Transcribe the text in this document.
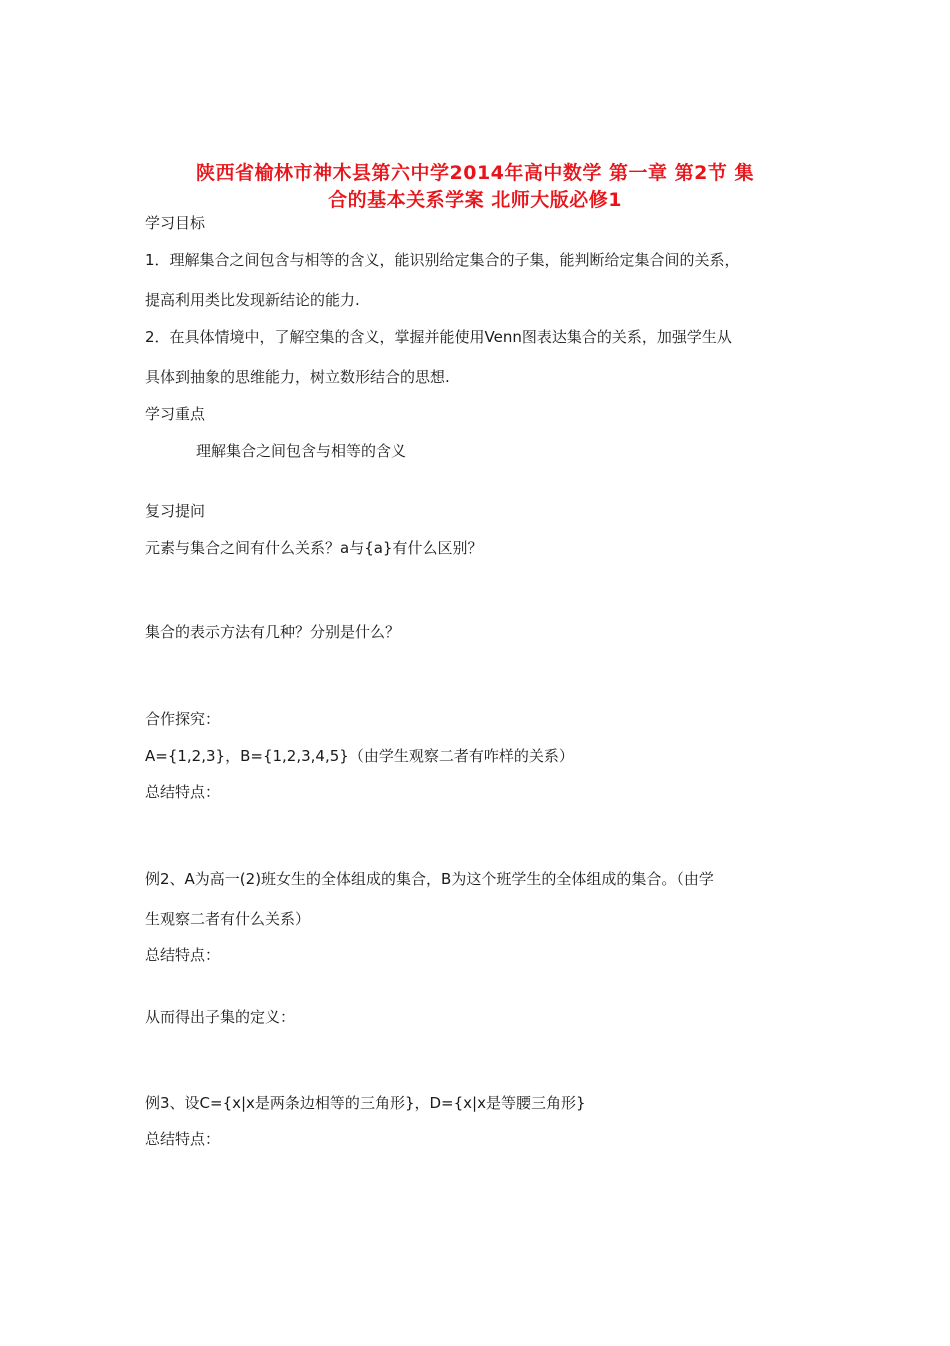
陕西省榆林市神木县第六中学2014年高中数学 第一章 第2节 集
合的基本关系学案 北师大版必修1
学习目标
1．理解集合之间包含与相等的含义，能识别给定集合的子集，能判断给定集合间的关系，
提高利用类比发现新结论的能力.
2．在具体情境中，了解空集的含义，掌握并能使用Venn图表达集合的关系，加强学生从
具体到抽象的思维能力，树立数形结合的思想.
学习重点
理解集合之间包含与相等的含义
复习提问
元素与集合之间有什么关系？a与{a}有什么区别？
集合的表示方法有几种？分别是什么？
合作探究：
A={1,2,3}，B={1,2,3,4,5}（由学生观察二者有咋样的关系）
总结特点：
例2、A为高一(2)班女生的全体组成的集合，B为这个班学生的全体组成的集合。（由学
生观察二者有什么关系）
总结特点：
从而得出子集的定义：
例3、设C={x|x是两条边相等的三角形}，D={x|x是等腰三角形}
总结特点：
